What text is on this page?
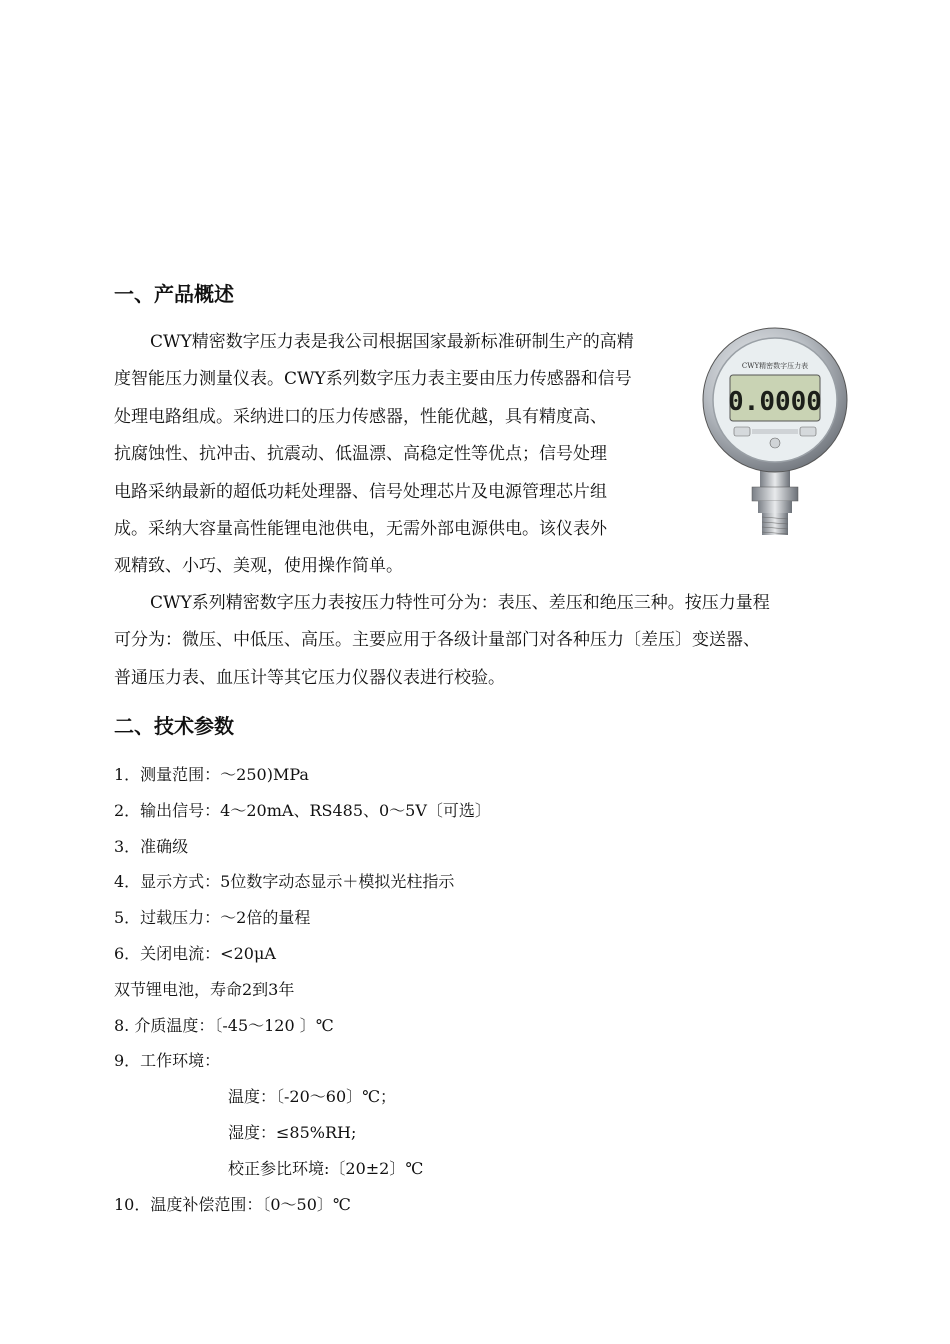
一、产品概述
CWY精密数字压力表是我公司根据国家最新标准研制生产的高精
度智能压力测量仪表。CWY系列数字压力表主要由压力传感器和信号
处理电路组成。采纳进口的压力传感器，性能优越，具有精度高、
抗腐蚀性、抗冲击、抗震动、低温漂、高稳定性等优点；信号处理
电路采纳最新的超低功耗处理器、信号处理芯片及电源管理芯片组
成。采纳大容量高性能锂电池供电，无需外部电源供电。该仪表外
观精致、小巧、美观，使用操作简单。
CWY系列精密数字压力表按压力特性可分为：表压、差压和绝压三种。按压力量程
可分为：微压、中低压、高压。主要应用于各级计量部门对各种压力〔差压〕变送器、
普通压力表、血压计等其它压力仪器仪表进行校验。
CWY精密数字压力表
0.0000
二、技术参数
1．测量范围：～250)MPa
2．输出信号：4～20mA、RS485、0～5V〔可选〕
3．准确级
4．显示方式：5位数字动态显示＋模拟光柱指示
5．过载压力：～2倍的量程
6．关闭电流：<20μA
双节锂电池，寿命2到3年
8. 介质温度：〔-45～120 〕℃
9．工作环境：
温度：〔-20～60〕℃；
湿度：≤85%RH;
校正参比环境:〔20±2〕℃
10．温度补偿范围：〔0～50〕℃
